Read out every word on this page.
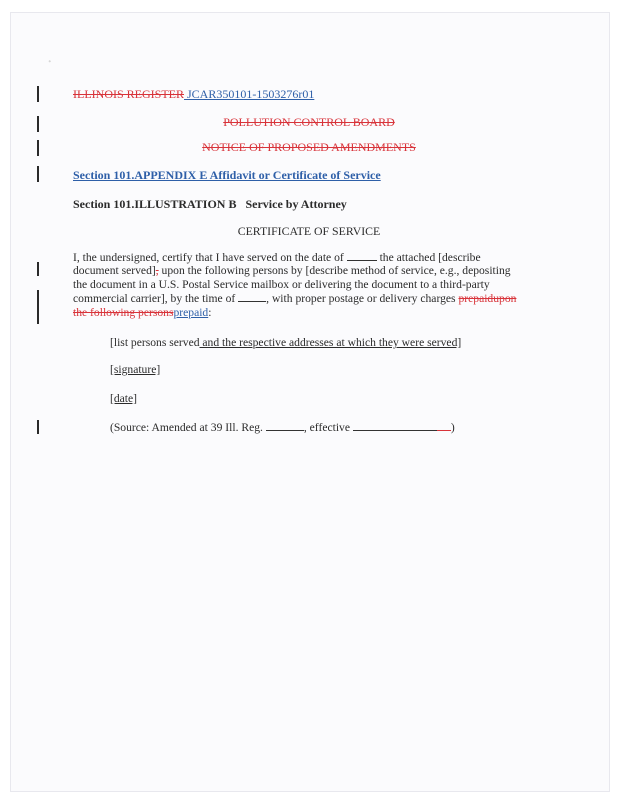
ᐩ
ILLINOIS REGISTER JCAR350101-1503276r01
POLLUTION CONTROL BOARD
NOTICE OF PROPOSED AMENDMENTS
Section 101.APPENDIX E Affidavit or Certificate of Service
Section 101.ILLUSTRATION B Service by Attorney
CERTIFICATE OF SERVICE

I, the undersigned, certify that I have served on the date of	the attached [describe

document served], upon the following persons by [describe method of service, e.g., depositing

the document in a U.S. Postal Service mailbox or delivering the document to a third-party

commercial carrier], by the time of	, with proper postage or delivery charges prepaidupon

the following personsprepaid:

[list persons served and the respective addresses at which they were served]
[signature]
[date]
(Source: Amended at 39 Ill. Reg.	, effective	)
